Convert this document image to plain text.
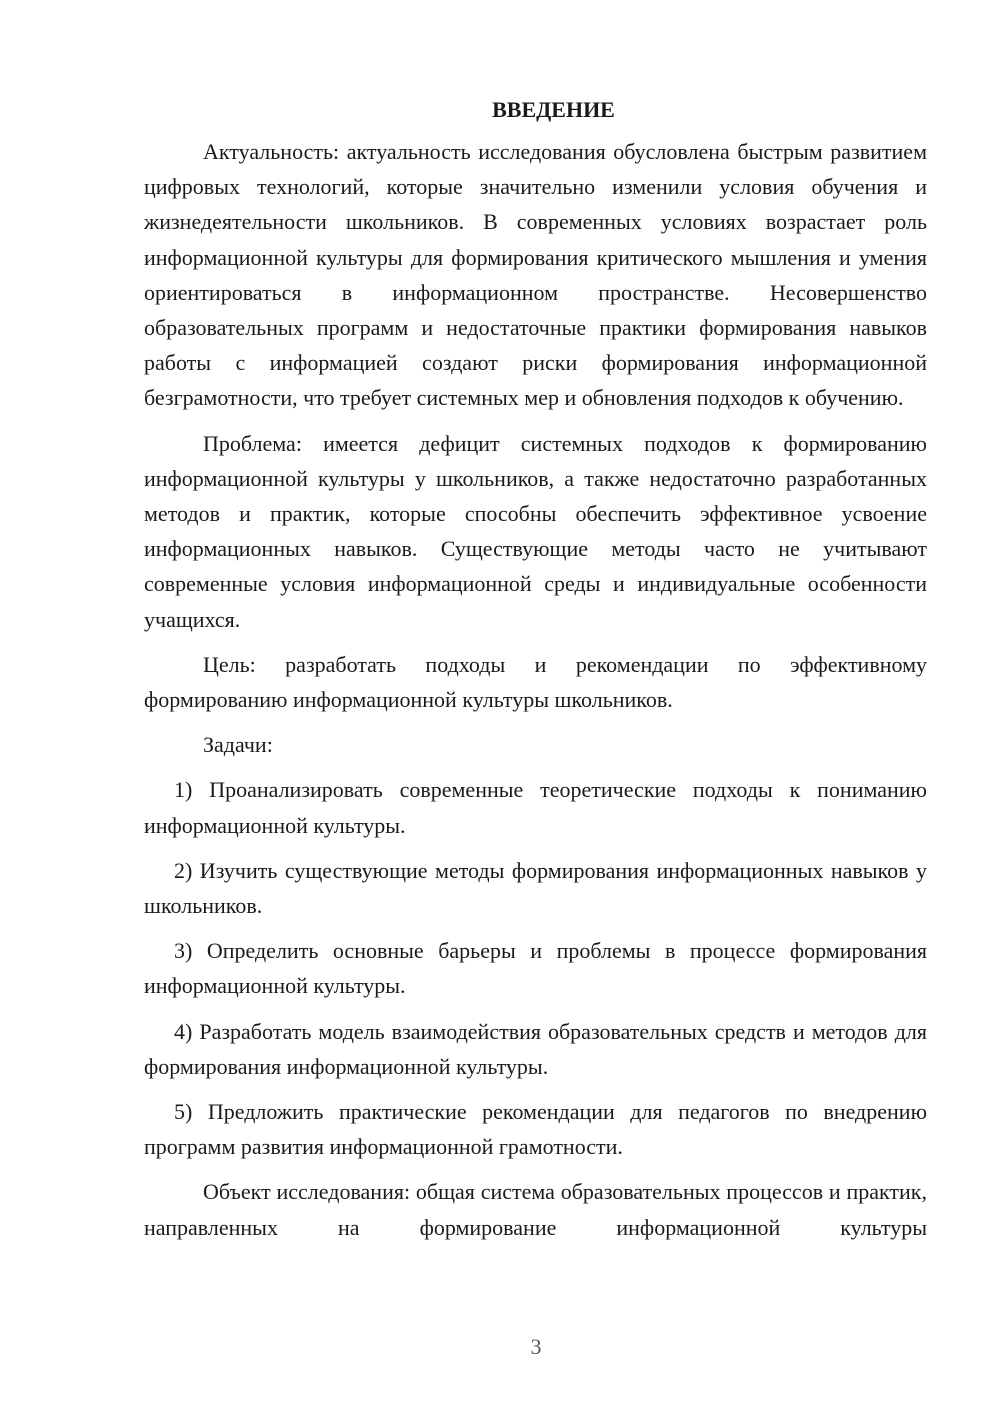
ВВЕДЕНИЕ

Актуальность: актуальность исследования обусловлена быстрым развитием цифровых технологий, которые значительно изменили условия обучения и жизнедеятельности школьников. В современных условиях возрастает роль информационной культуры для формирования критического мышления и умения ориентироваться в информационном пространстве. Несовершенство образовательных программ и недостаточные практики формирования навыков работы с информацией создают риски формирования информационной безграмотности, что требует системных мер и обновления подходов к обучению.

Проблема: имеется дефицит системных подходов к формированию информационной культуры у школьников, а также недостаточно разработанных методов и практик, которые способны обеспечить эффективное усвоение информационных навыков. Существующие методы часто не учитывают современные условия информационной среды и индивидуальные особенности учащихся.

Цель: разработать подходы и рекомендации по эффективному формированию информационной культуры школьников.

Задачи:

1) Проанализировать современные теоретические подходы к пониманию информационной культуры.

2) Изучить существующие методы формирования информационных навыков у школьников.

3) Определить основные барьеры и проблемы в процессе формирования информационной культуры.

4) Разработать модель взаимодействия образовательных средств и методов для формирования информационной культуры.

5) Предложить практические рекомендации для педагогов по внедрению программ развития информационной грамотности.

Объект исследования: общая система образовательных процессов и практик, направленных на формирование информационной культуры

3
